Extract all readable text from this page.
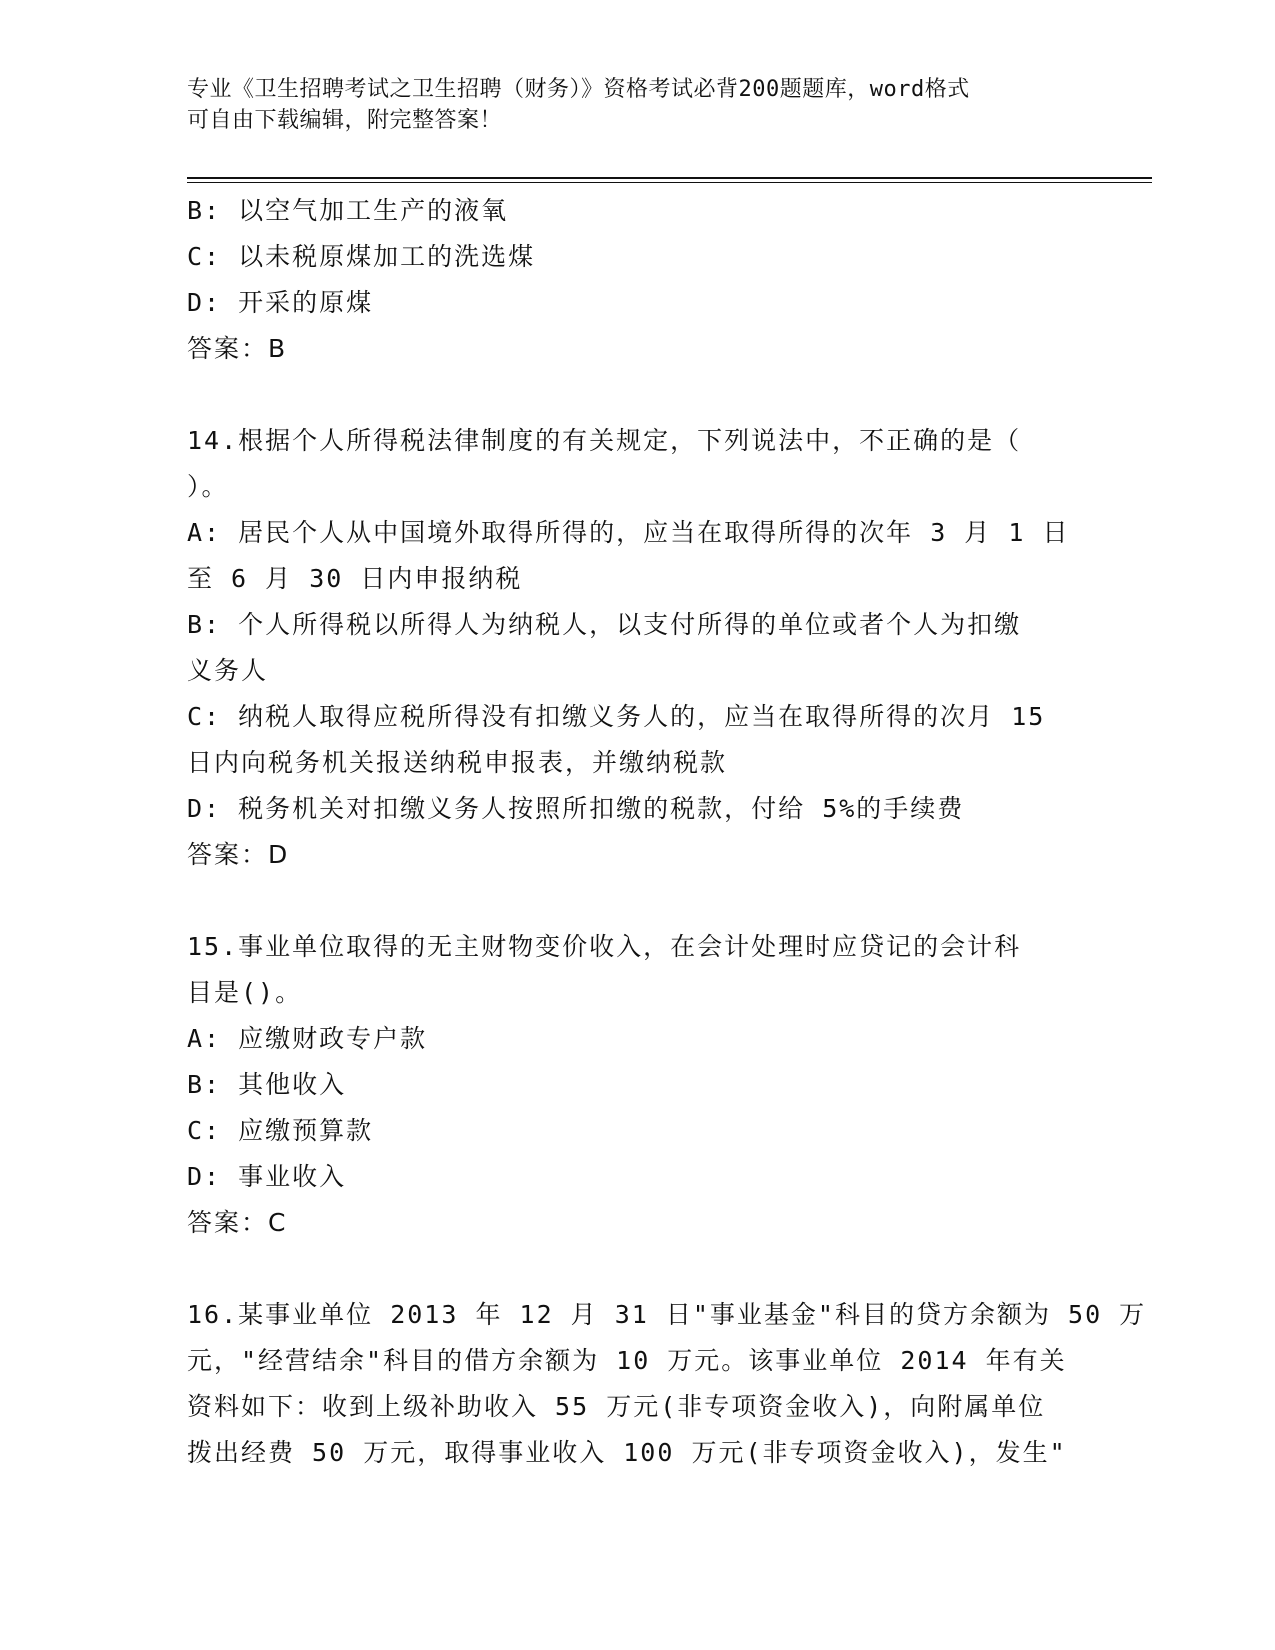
专业《卫生招聘考试之卫生招聘（财务）》资格考试必背200题题库，word格式
可自由下载编辑，附完整答案！
B: 以空气加工生产的液氧
C: 以未税原煤加工的洗选煤
D: 开采的原煤
答案：B
14.根据个人所得税法律制度的有关规定，下列说法中，不正确的是（
）。
A: 居民个人从中国境外取得所得的，应当在取得所得的次年 3 月 1 日
至 6 月 30 日内申报纳税
B: 个人所得税以所得人为纳税人，以支付所得的单位或者个人为扣缴
义务人
C: 纳税人取得应税所得没有扣缴义务人的，应当在取得所得的次月 15
日内向税务机关报送纳税申报表，并缴纳税款
D: 税务机关对扣缴义务人按照所扣缴的税款，付给 5%的手续费
答案：D
15.事业单位取得的无主财物变价收入，在会计处理时应贷记的会计科
目是()。
A: 应缴财政专户款
B: 其他收入
C: 应缴预算款
D: 事业收入
答案：C
16.某事业单位 2013 年 12 月 31 日"事业基金"科目的贷方余额为 50 万
元，"经营结余"科目的借方余额为 10 万元。该事业单位 2014 年有关
资料如下：收到上级补助收入 55 万元(非专项资金收入)，向附属单位
拨出经费 50 万元，取得事业收入 100 万元(非专项资金收入)，发生"
